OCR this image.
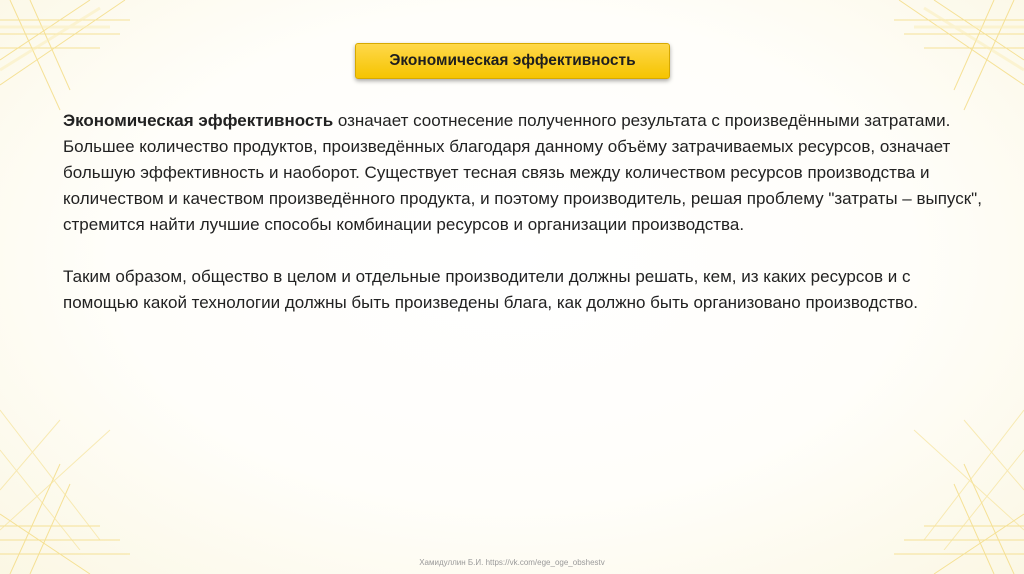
Экономическая эффективность

Экономическая эффективность означает соотнесение полученного результата с произведёнными затратами.

Большее количество продуктов, произведённых благодаря данному объёму затрачиваемых ресурсов, означает большую эффективность и наоборот. Существует тесная связь между количеством ресурсов производства и количеством и качеством произведённого продукта, и поэтому производитель, решая проблему "затраты – выпуск", стремится найти лучшие способы комбинации ресурсов и организации производства.

Таким образом, общество в целом и отдельные производители должны решать, кем, из каких ресурсов и с помощью какой технологии должны быть произведены блага, как должно быть организовано производство.

Хамидуллин Б.И. https://vk.com/ege_oge_obshestv
